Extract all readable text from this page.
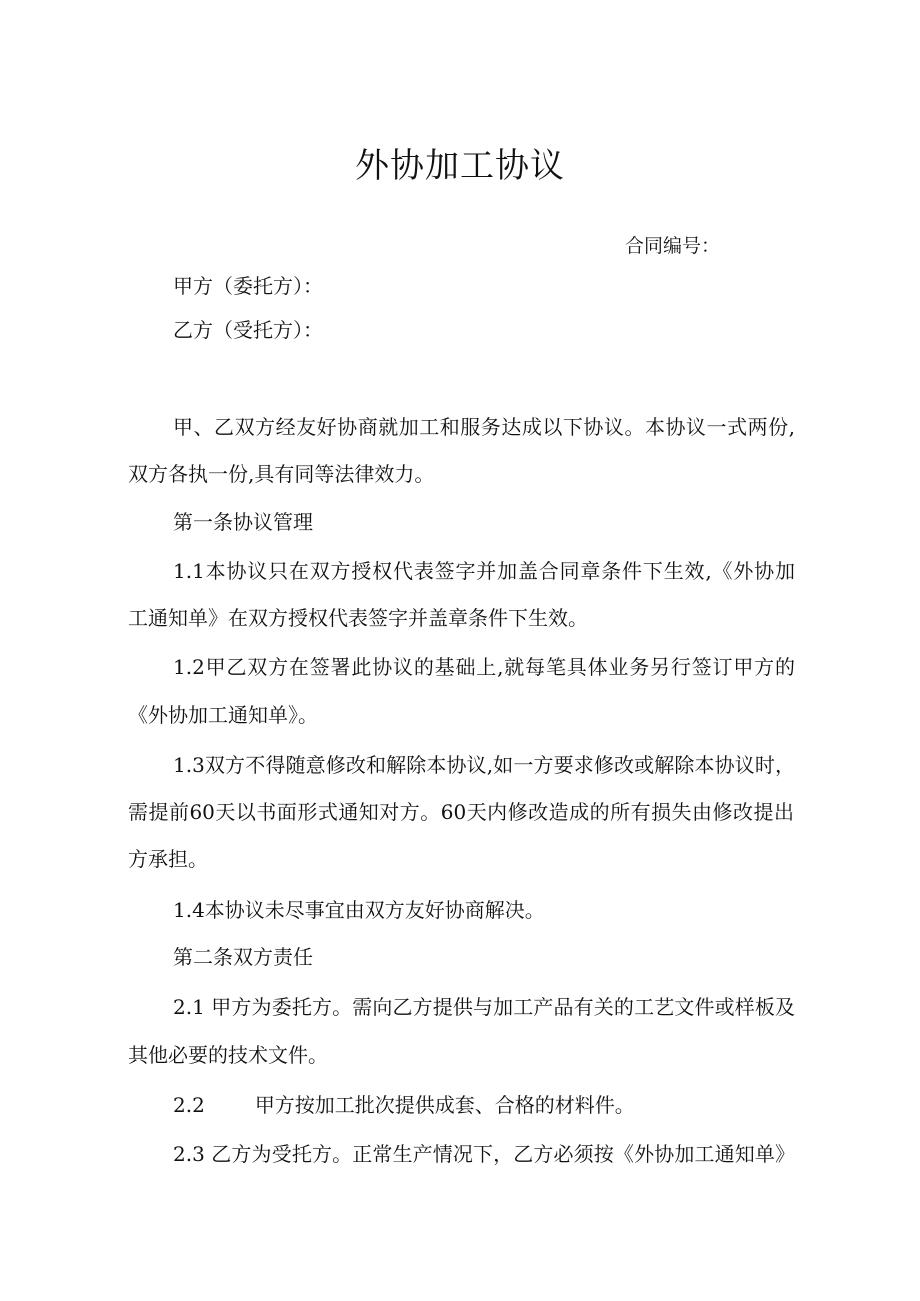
外协加工协议
合同编号：
甲方（委托方）：
乙方（受托方）：
甲、乙双方经友好协商就加工和服务达成以下协议。本协议一式两份,
双方各执一份,具有同等法律效力。
第一条协议管理
1.1本协议只在双方授权代表签字并加盖合同章条件下生效,《外协加
工通知单》在双方授权代表签字并盖章条件下生效。
1.2甲乙双方在签署此协议的基础上,就每笔具体业务另行签订甲方的
《外协加工通知单》。
1.3双方不得随意修改和解除本协议,如一方要求修改或解除本协议时，
需提前60天以书面形式通知对方。60天内修改造成的所有损失由修改提出
方承担。
1.4本协议未尽事宜由双方友好协商解决。
第二条双方责任
2.1 甲方为委托方。需向乙方提供与加工产品有关的工艺文件或样板及
其他必要的技术文件。
2.2	甲方按加工批次提供成套、合格的材料件。
2.3 乙方为受托方。正常生产情况下，乙方必须按《外协加工通知单》
